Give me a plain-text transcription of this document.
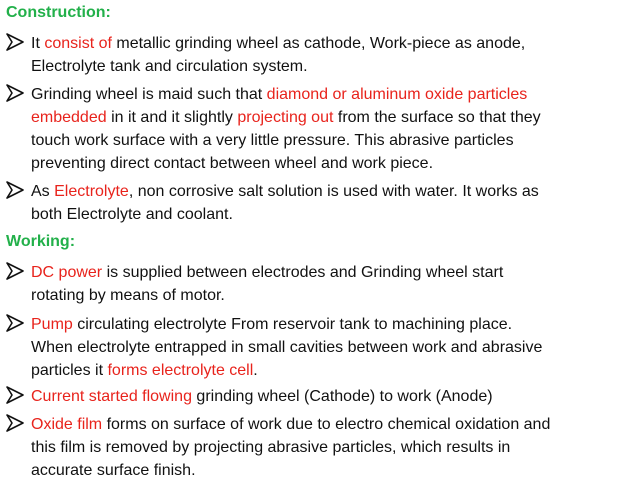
Construction:
It consist of metallic grinding wheel as cathode, Work-piece as anode,
Electrolyte tank and circulation system.
Grinding wheel is maid such that diamond or aluminum oxide particles
embedded in it and it slightly projecting out from the surface so that they
touch work surface with a very little pressure. This abrasive particles
preventing direct contact between wheel and work piece.
As Electrolyte, non corrosive salt solution is used with water. It works as
both Electrolyte and coolant.
Working:
DC power is supplied between electrodes and Grinding wheel start
rotating by means of motor.
Pump circulating electrolyte From reservoir tank to machining place.
When electrolyte entrapped in small cavities between work and abrasive
particles it forms electrolyte cell.
Current started flowing grinding wheel (Cathode) to work (Anode)
Oxide film forms on surface of work due to electro chemical oxidation and
this film is removed by projecting abrasive particles, which results in
accurate surface finish.
